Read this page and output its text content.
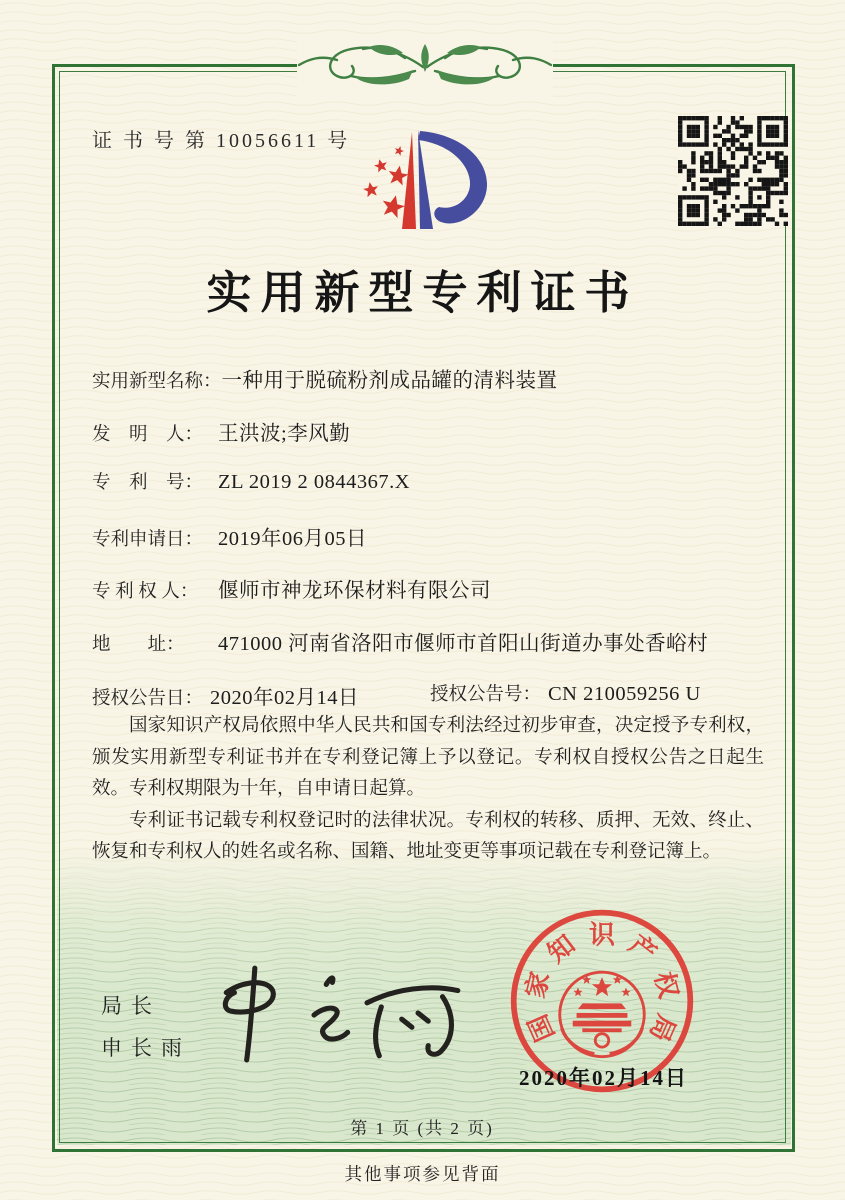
证 书 号 第 10056611 号
实用新型专利证书
实用新型名称： 一种用于脱硫粉剂成品罐的清料装置
发　明　人： 王洪波;李风勤
专　利　号： ZL 2019 2 0844367.X
专利申请日： 2019年06月05日
专 利 权 人： 偃师市神龙环保材料有限公司
地　　址：	471000 河南省洛阳市偃师市首阳山街道办事处香峪村
授权公告日： 2020年02月14日	授权公告号： CN 210059256 U

国家知识产权局依照中华人民共和国专利法经过初步审查，决定授予专利权，颁发实用新型专利证书并在专利登记簿上予以登记。专利权自授权公告之日起生效。专利权期限为十年，自申请日起算。

专利证书记载专利权登记时的法律状况。专利权的转移、质押、无效、终止、恢复和专利权人的姓名或名称、国籍、地址变更等事项记载在专利登记簿上。

局长
申长雨
国
家
知 识 产
权
局
2020年02月14日
第 1 页 (共 2 页)
其他事项参见背面
